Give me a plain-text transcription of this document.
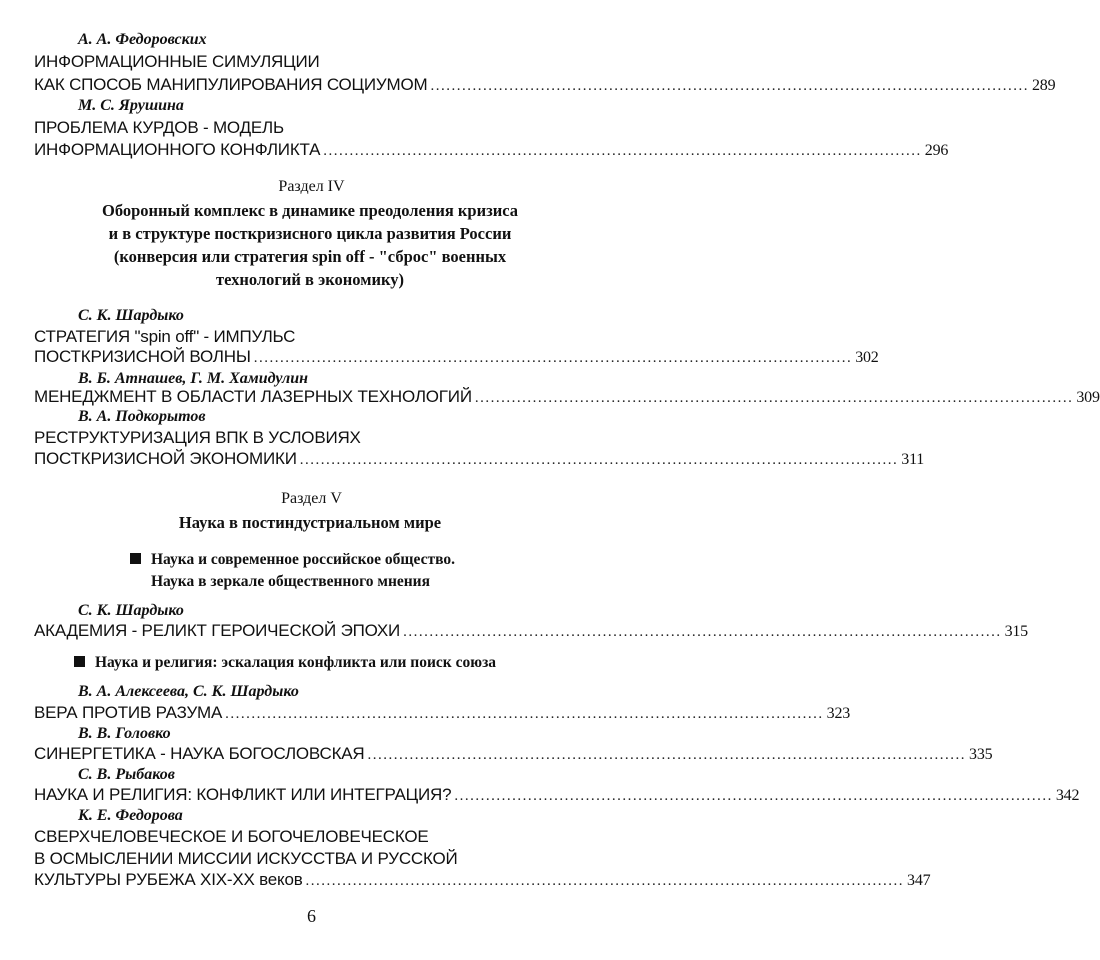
А. А. Федоровских
ИНФОРМАЦИОННЫЕ СИМУЛЯЦИИ
КАК СПОСОБ МАНИПУЛИРОВАНИЯ СОЦИУМОМ .................................................................................................................. 289
М. С. Ярушина
ПРОБЛЕМА КУРДОВ - МОДЕЛЬ
ИНФОРМАЦИОННОГО КОНФЛИКТА .................................................................................................................. 296
Раздел IV
Оборонный комплекс в динамике преодоления кризиса
и в структуре посткризисного цикла развития России
(конверсия или стратегия spin off - "сброс" военных
технологий в экономику)
С. К. Шардыко
СТРАТЕГИЯ "spin off" - ИМПУЛЬС
ПОСТКРИЗИСНОЙ ВОЛНЫ .................................................................................................................. 302
В. Б. Атнашев, Г. М. Хамидулин
МЕНЕДЖМЕНТ В ОБЛАСТИ ЛАЗЕРНЫХ ТЕХНОЛОГИЙ .................................................................................................................. 309
В. А. Подкорытов
РЕСТРУКТУРИЗАЦИЯ ВПК В УСЛОВИЯХ
ПОСТКРИЗИСНОЙ ЭКОНОМИКИ .................................................................................................................. 311
Раздел V
Наука в постиндустриальном мире
Наука и современное российское общество.
Наука в зеркале общественного мнения
С. К. Шардыко
АКАДЕМИЯ - РЕЛИКТ ГЕРОИЧЕСКОЙ ЭПОХИ .................................................................................................................. 315
Наука и религия: эскалация конфликта или поиск союза
В. А. Алексеева, С. К. Шардыко
ВЕРА ПРОТИВ РАЗУМА .................................................................................................................. 323
В. В. Головко
СИНЕРГЕТИКА - НАУКА БОГОСЛОВСКАЯ .................................................................................................................. 335
С. В. Рыбаков
НАУКА И РЕЛИГИЯ: КОНФЛИКТ ИЛИ ИНТЕГРАЦИЯ? .................................................................................................................. 342
К. Е. Федорова
СВЕРХЧЕЛОВЕЧЕСКОЕ И БОГОЧЕЛОВЕЧЕСКОЕ
В ОСМЫСЛЕНИИ МИССИИ ИСКУССТВА И РУССКОЙ
КУЛЬТУРЫ РУБЕЖА XIX-XX веков .................................................................................................................. 347
6
